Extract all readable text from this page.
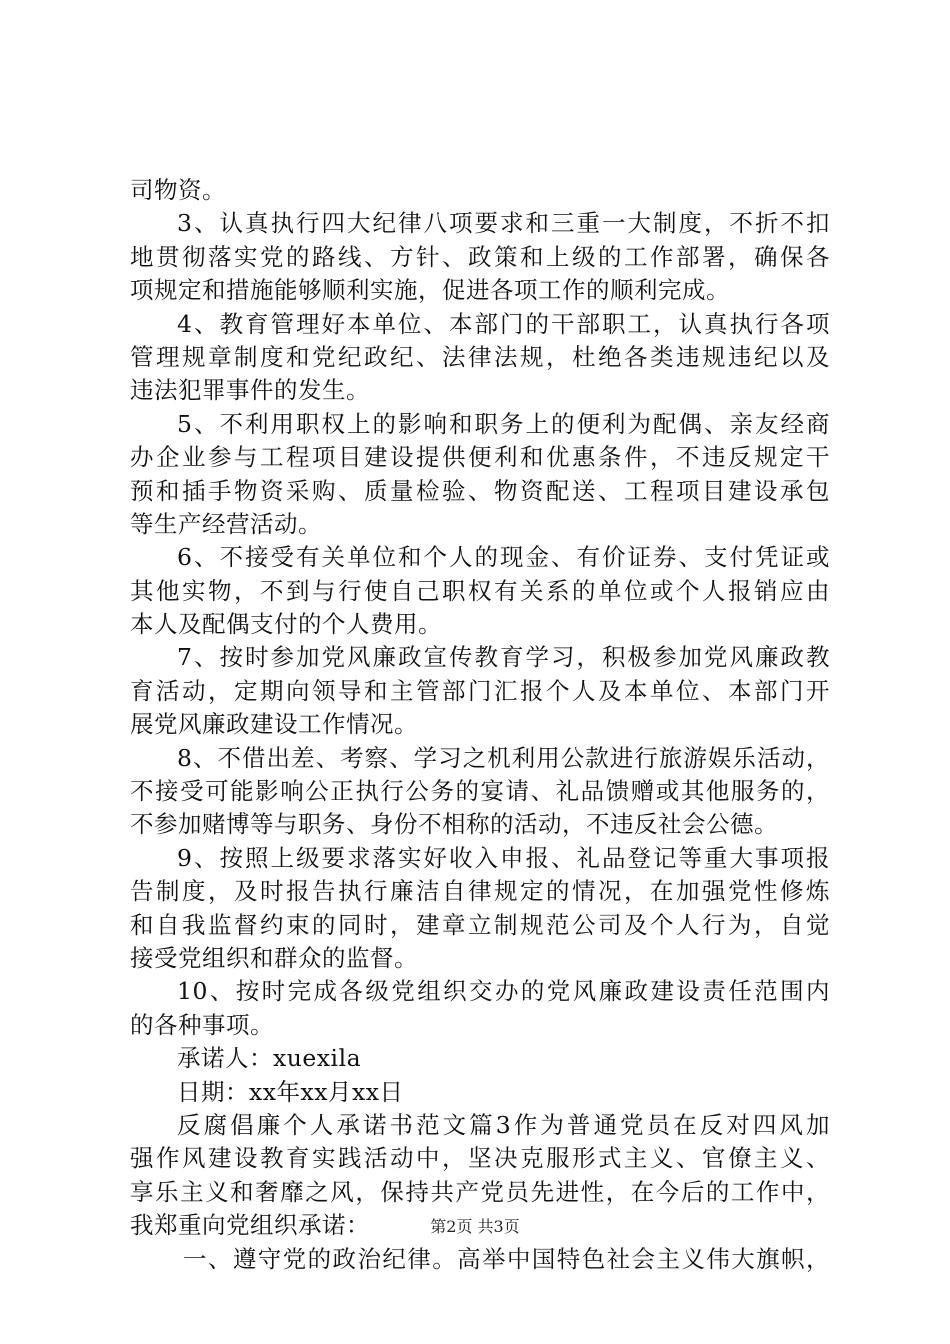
司物资。
3、认真执行四大纪律八项要求和三重一大制度，不折不扣
地贯彻落实党的路线、方针、政策和上级的工作部署，确保各
项规定和措施能够顺利实施，促进各项工作的顺利完成。
4、教育管理好本单位、本部门的干部职工，认真执行各项
管理规章制度和党纪政纪、法律法规，杜绝各类违规违纪以及
违法犯罪事件的发生。
5、不利用职权上的影响和职务上的便利为配偶、亲友经商
办企业参与工程项目建设提供便利和优惠条件，不违反规定干
预和插手物资采购、质量检验、物资配送、工程项目建设承包
等生产经营活动。
6、不接受有关单位和个人的现金、有价证券、支付凭证或
其他实物，不到与行使自己职权有关系的单位或个人报销应由
本人及配偶支付的个人费用。
7、按时参加党风廉政宣传教育学习，积极参加党风廉政教
育活动，定期向领导和主管部门汇报个人及本单位、本部门开
展党风廉政建设工作情况。
8、不借出差、考察、学习之机利用公款进行旅游娱乐活动，
不接受可能影响公正执行公务的宴请、礼品馈赠或其他服务的，
不参加赌博等与职务、身份不相称的活动，不违反社会公德。
9、按照上级要求落实好收入申报、礼品登记等重大事项报
告制度，及时报告执行廉洁自律规定的情况，在加强党性修炼
和自我监督约束的同时，建章立制规范公司及个人行为，自觉
接受党组织和群众的监督。
10、按时完成各级党组织交办的党风廉政建设责任范围内
的各种事项。
承诺人：xuexila
日期：xx年xx月xx日
反腐倡廉个人承诺书范文篇3作为普通党员在反对四风加
强作风建设教育实践活动中，坚决克服形式主义、官僚主义、
享乐主义和奢靡之风，保持共产党员先进性，在今后的工作中，
我郑重向党组织承诺：
一、遵守党的政治纪律。高举中国特色社会主义伟大旗帜，
第2页 共3页
